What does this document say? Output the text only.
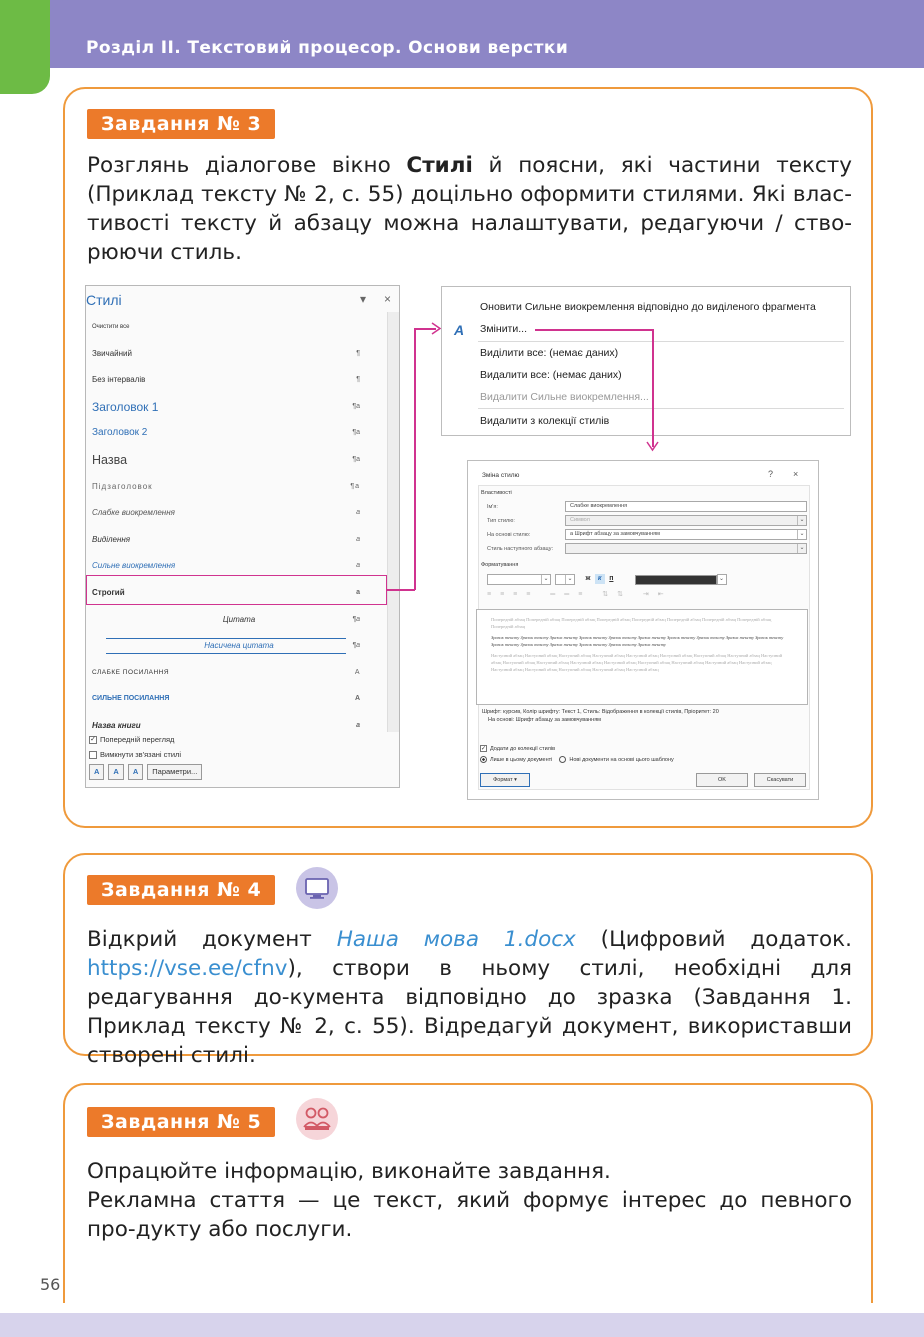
Розділ II. Текстовий процесор. Основи верстки
Завдання № 3
Розглянь діалогове вікно Стилі й поясни, які частини тексту (Приклад тексту № 2, с. 55) доцільно оформити стилями. Які влас-тивості тексту й абзацу можна налаштувати, редагуючи / ство-рюючи стиль.
Стилі	▾ ×
Очистити все
Звичайний	¶
Без інтервалів	¶
Заголовок 1	¶a
Заголовок 2	¶a
Назва	¶a
Підзаголовок	¶a
Слабке виокремлення	a
Виділення	a
Сильне виокремлення	a
Строгий	a
Цитата	¶a
Насичена цитата	¶a
СЛАБКЕ ПОСИЛАННЯ	A
СИЛЬНЕ ПОСИЛАННЯ	A
Назва книги	a
✓ Попередній перегляд
Вимкнути зв'язані стилі
A	A	A	Параметри...
Оновити Сильне виокремлення відповідно до виділеного фрагмента
A Змінити...
Виділити все: (немає даних)
Видалити все: (немає даних)
Видалити Сильне виокремлення...
Видалити з колекції стилів
Зміна стилю	? ×
Властивості
Ім'я:	Слабке виокремлення
Тип стилю:	Символ	⌄
На основі стилю:	a Шрифт абзацу за замовчуванням	⌄
Стиль наступного абзацу:	⌄
Форматування
⌄	⌄	ж к п	⌄
≡≡≡≡ ══≡ ⇅⇅ ⇥⇤
Попередній абзац Попередній абзац Попередній абзац Попередній абзац Попередній абзац Попередній абзац Попередній абзац Попередній абзац Попередній абзац
Зразок тексту Зразок тексту Зразок тексту Зразок тексту Зразок тексту Зразок тексту Зразок тексту Зразок тексту Зразок тексту Зразок тексту Зразок тексту Зразок тексту Зразок тексту Зразок тексту Зразок тексту Зразок тексту
Наступний абзац Наступний абзац Наступний абзац Наступний абзац Наступний абзац Наступний абзац Наступний абзац Наступний абзац Наступний абзац Наступний абзац Наступний абзац Наступний абзац Наступний абзац Наступний абзац Наступний абзац Наступний абзац Наступний абзац Наступний абзац Наступний абзац Наступний абзац Наступний абзац Наступний абзац
Шрифт: курсив, Колір шрифту: Текст 1, Стиль: Відображення в колекції стилів, Пріоритет: 20
На основі: Шрифт абзацу за замовчуванням
✓ Додати до колекції стилів
Лише в цьому документі	Нові документи на основі цього шаблону
Формат ▾	OK	Скасувати
Завдання № 4
Відкрий документ Наша мова 1.docx (Цифровий додаток. https://vse.ee/cfnv), створи в ньому стилі, необхідні для редагування до-кумента відповідно до зразка (Завдання 1. Приклад тексту № 2, с. 55). Відредагуй документ, використавши створені стилі.
Завдання № 5
Опрацюйте інформацію, виконайте завдання.
Рекламна стаття — це текст, який формує інтерес до певного про-дукту або послуги.
56
